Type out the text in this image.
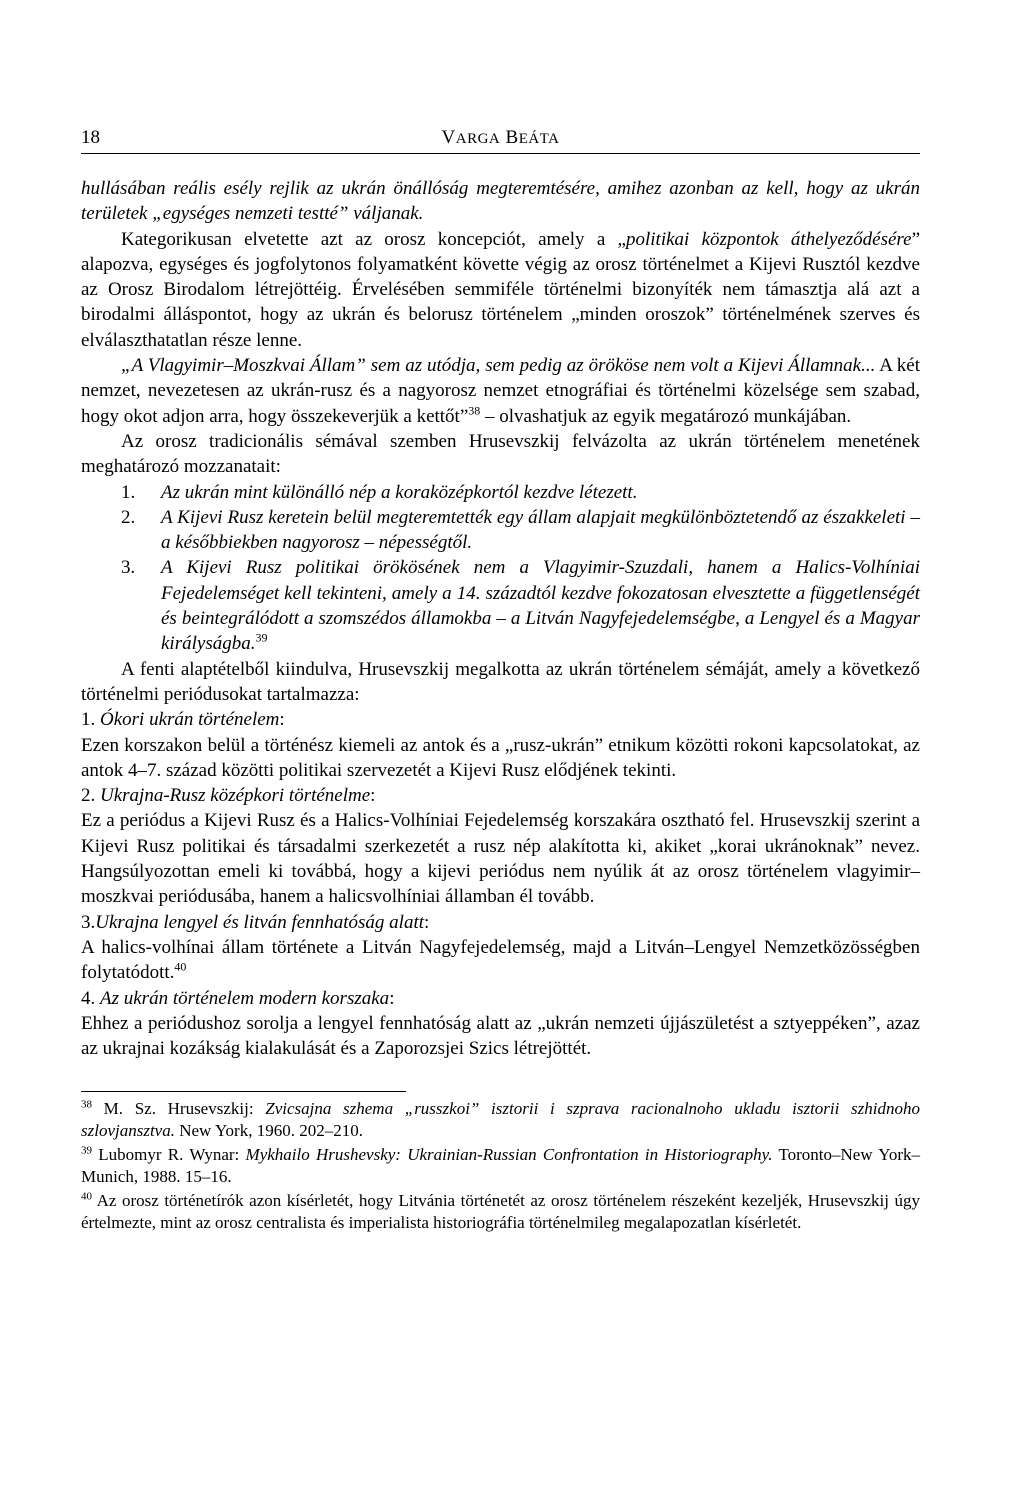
18	VARGA BEÁTA

hullásában reális esély rejlik az ukrán önállóság megteremtésére, amihez azonban az kell, hogy az ukrán területek „egységes nemzeti testté” váljanak.

Kategorikusan elvetette azt az orosz koncepciót, amely a „politikai központok áthelyeződésére” alapozva, egységes és jogfolytonos folyamatként követte végig az orosz történelmet a Kijevi Rusztól kezdve az Orosz Birodalom létrejöttéig. Érvelésében semmiféle történelmi bizonyíték nem támasztja alá azt a birodalmi álláspontot, hogy az ukrán és belorusz történelem „minden oroszok” történelmének szerves és elválaszthatatlan része lenne.

„A Vlagyimir–Moszkvai Állam” sem az utódja, sem pedig az örököse nem volt a Kijevi Államnak... A két nemzet, nevezetesen az ukrán-rusz és a nagyorosz nemzet etnográfiai és történelmi közelsége sem szabad, hogy okot adjon arra, hogy összekeverjük a kettőt”$^{38}$ – olvashatjuk az egyik megatározó munkájában.

Az orosz tradicionális sémával szemben Hrusevszkij felvázolta az ukrán történelem menetének meghatározó mozzanatait:

1. Az ukrán mint különálló nép a koraközépkortól kezdve létezett.
2. A Kijevi Rusz keretein belül megteremtették egy állam alapjait megkülönböztetendő az északkeleti – a későbbiekben nagyorosz – népességtől.
3. A Kijevi Rusz politikai örökösének nem a Vlagyimir-Szuzdali, hanem a Halics-Volhíniai Fejedelemséget kell tekinteni, amely a 14. századtól kezdve fokozatosan elvesztette a függetlenségét és beintegrálódott a szomszédos államokba – a Litván Nagyfejedelemségbe, a Lengyel és a Magyar királyságba.$^{39}$

A fenti alaptételből kiindulva, Hrusevszkij megalkotta az ukrán történelem sémáját, amely a következő történelmi periódusokat tartalmazza:

1. Ókori ukrán történelem:

Ezen korszakon belül a történész kiemeli az antok és a „rusz-ukrán” etnikum közötti rokoni kapcsolatokat, az antok 4–7. század közötti politikai szervezetét a Kijevi Rusz elődjének tekinti.

2. Ukrajna-Rusz középkori történelme:

Ez a periódus a Kijevi Rusz és a Halics-Volhíniai Fejedelemség korszakára osztható fel. Hrusevszkij szerint a Kijevi Rusz politikai és társadalmi szerkezetét a rusz nép alakította ki, akiket „korai ukránoknak” nevez. Hangsúlyozottan emeli ki továbbá, hogy a kijevi periódus nem nyúlik át az orosz történelem vlagyimir–moszkvai periódusába, hanem a halicsvolhíniai államban él tovább.

3.Ukrajna lengyel és litván fennhatóság alatt:

A halics-volhínai állam története a Litván Nagyfejedelemség, majd a Litván–Lengyel Nemzetközösségben folytatódott.$^{40}$

4. Az ukrán történelem modern korszaka:

Ehhez a periódushoz sorolja a lengyel fennhatóság alatt az „ukrán nemzeti újjászületést a sztyeppéken”, azaz az ukrajnai kozákság kialakulását és a Zaporozsjei Szics létrejöttét.

$^{38}$ M. Sz. Hrusevszkij: Zvicsajna szhema „russzkoi” isztorii i szprava racionalnoho ukladu isztorii szhidnoho szlovjansztva. New York, 1960. 202–210.

$^{39}$ Lubomyr R. Wynar: Mykhailo Hrushevsky: Ukrainian-Russian Confrontation in Historiography. Toronto–New York–Munich, 1988. 15–16.

$^{40}$ Az orosz történetírók azon kísérletét, hogy Litvánia történetét az orosz történelem részeként kezeljék, Hrusevszkij úgy értelmezte, mint az orosz centralista és imperialista historiográfia történelmileg megalapozatlan kísérletét.
